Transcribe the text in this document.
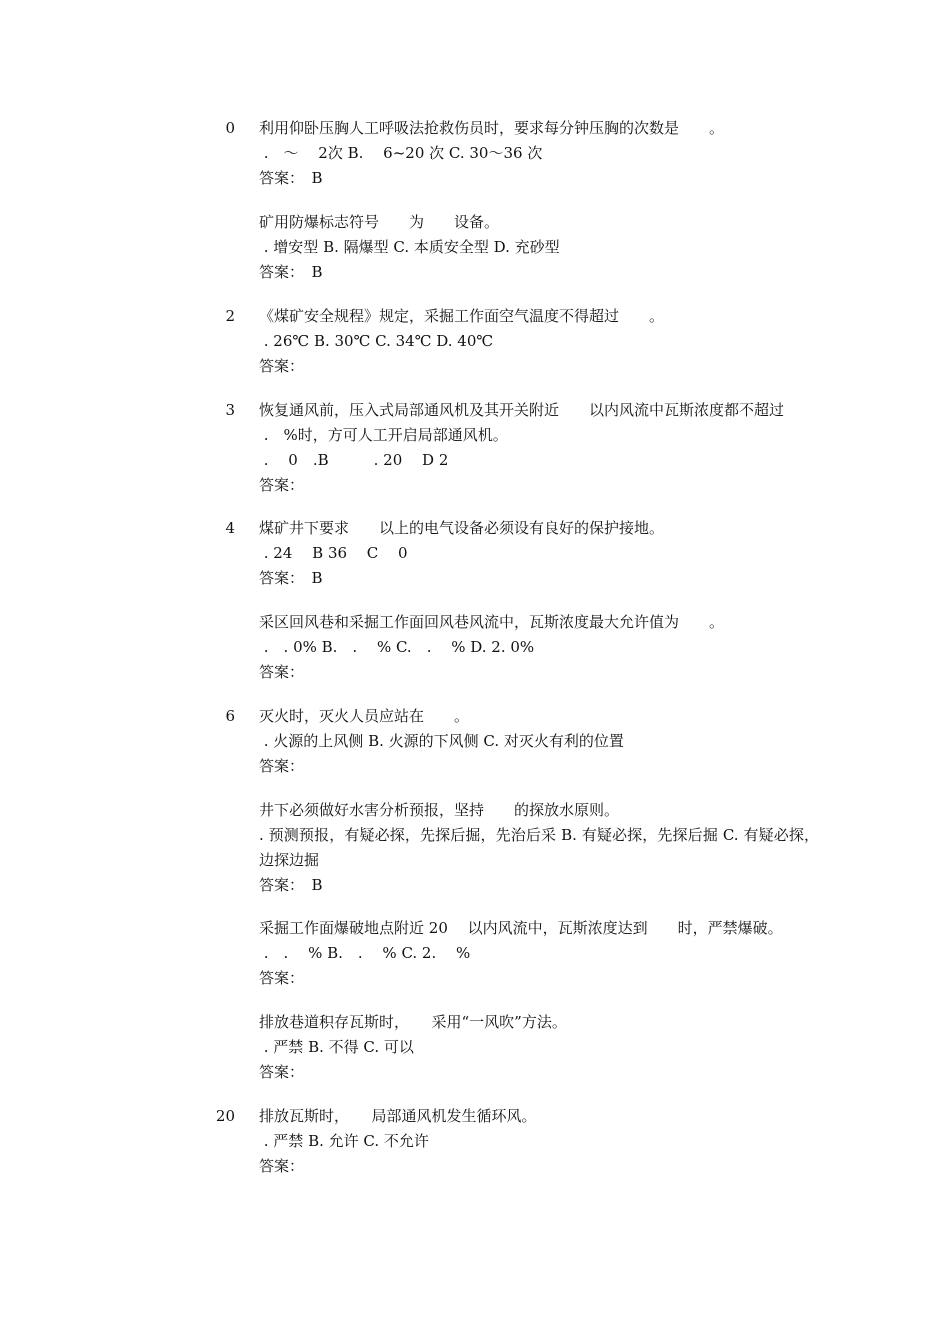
0 利用仰卧压胸人工呼吸法抢救伤员时，要求每分钟压胸的次数是　　。
.　～　 2次 B.　 6~20 次 C. 30～36 次
答案：　B
矿用防爆标志符号　　为　　设备。
. 增安型 B. 隔爆型 C. 本质安全型 D. 充砂型
答案：　B
2 《煤矿安全规程》规定，采掘工作面空气温度不得超过　　。
. 26℃ B. 30℃ C. 34℃ D. 40℃
答案：
3 恢复通风前，压入式局部通风机及其开关附近　　以内风流中瓦斯浓度都不超过
.　%时，方可人工开启局部通风机。
.　 0　.B　　　. 20　 D 2
答案：
4 煤矿井下要求　　以上的电气设备必须设有良好的保护接地。
. 24　 B 36　 C　 0
答案：　B
采区回风巷和采掘工作面回风巷风流中，瓦斯浓度最大允许值为　　。
.　. 0% B.　.　 % C.　.　 % D. 2. 0%
答案：
6 灭火时，灭火人员应站在　　。
. 火源的上风侧 B. 火源的下风侧 C. 对灭火有利的位置
答案：
井下必须做好水害分析预报，坚持　　的探放水原则。
. 预测预报，有疑必探，先探后掘，先治后采 B. 有疑必探，先探后掘 C. 有疑必探，边探边掘
答案：　B
采掘工作面爆破地点附近 20　 以内风流中，瓦斯浓度达到　　时，严禁爆破。
.　.　 % B.　.　 % C. 2.　 %
答案：
排放巷道积存瓦斯时，　　采用“一风吹”方法。
. 严禁 B. 不得 C. 可以
答案：
20 排放瓦斯时，　　局部通风机发生循环风。
. 严禁 B. 允许 C. 不允许
答案：
